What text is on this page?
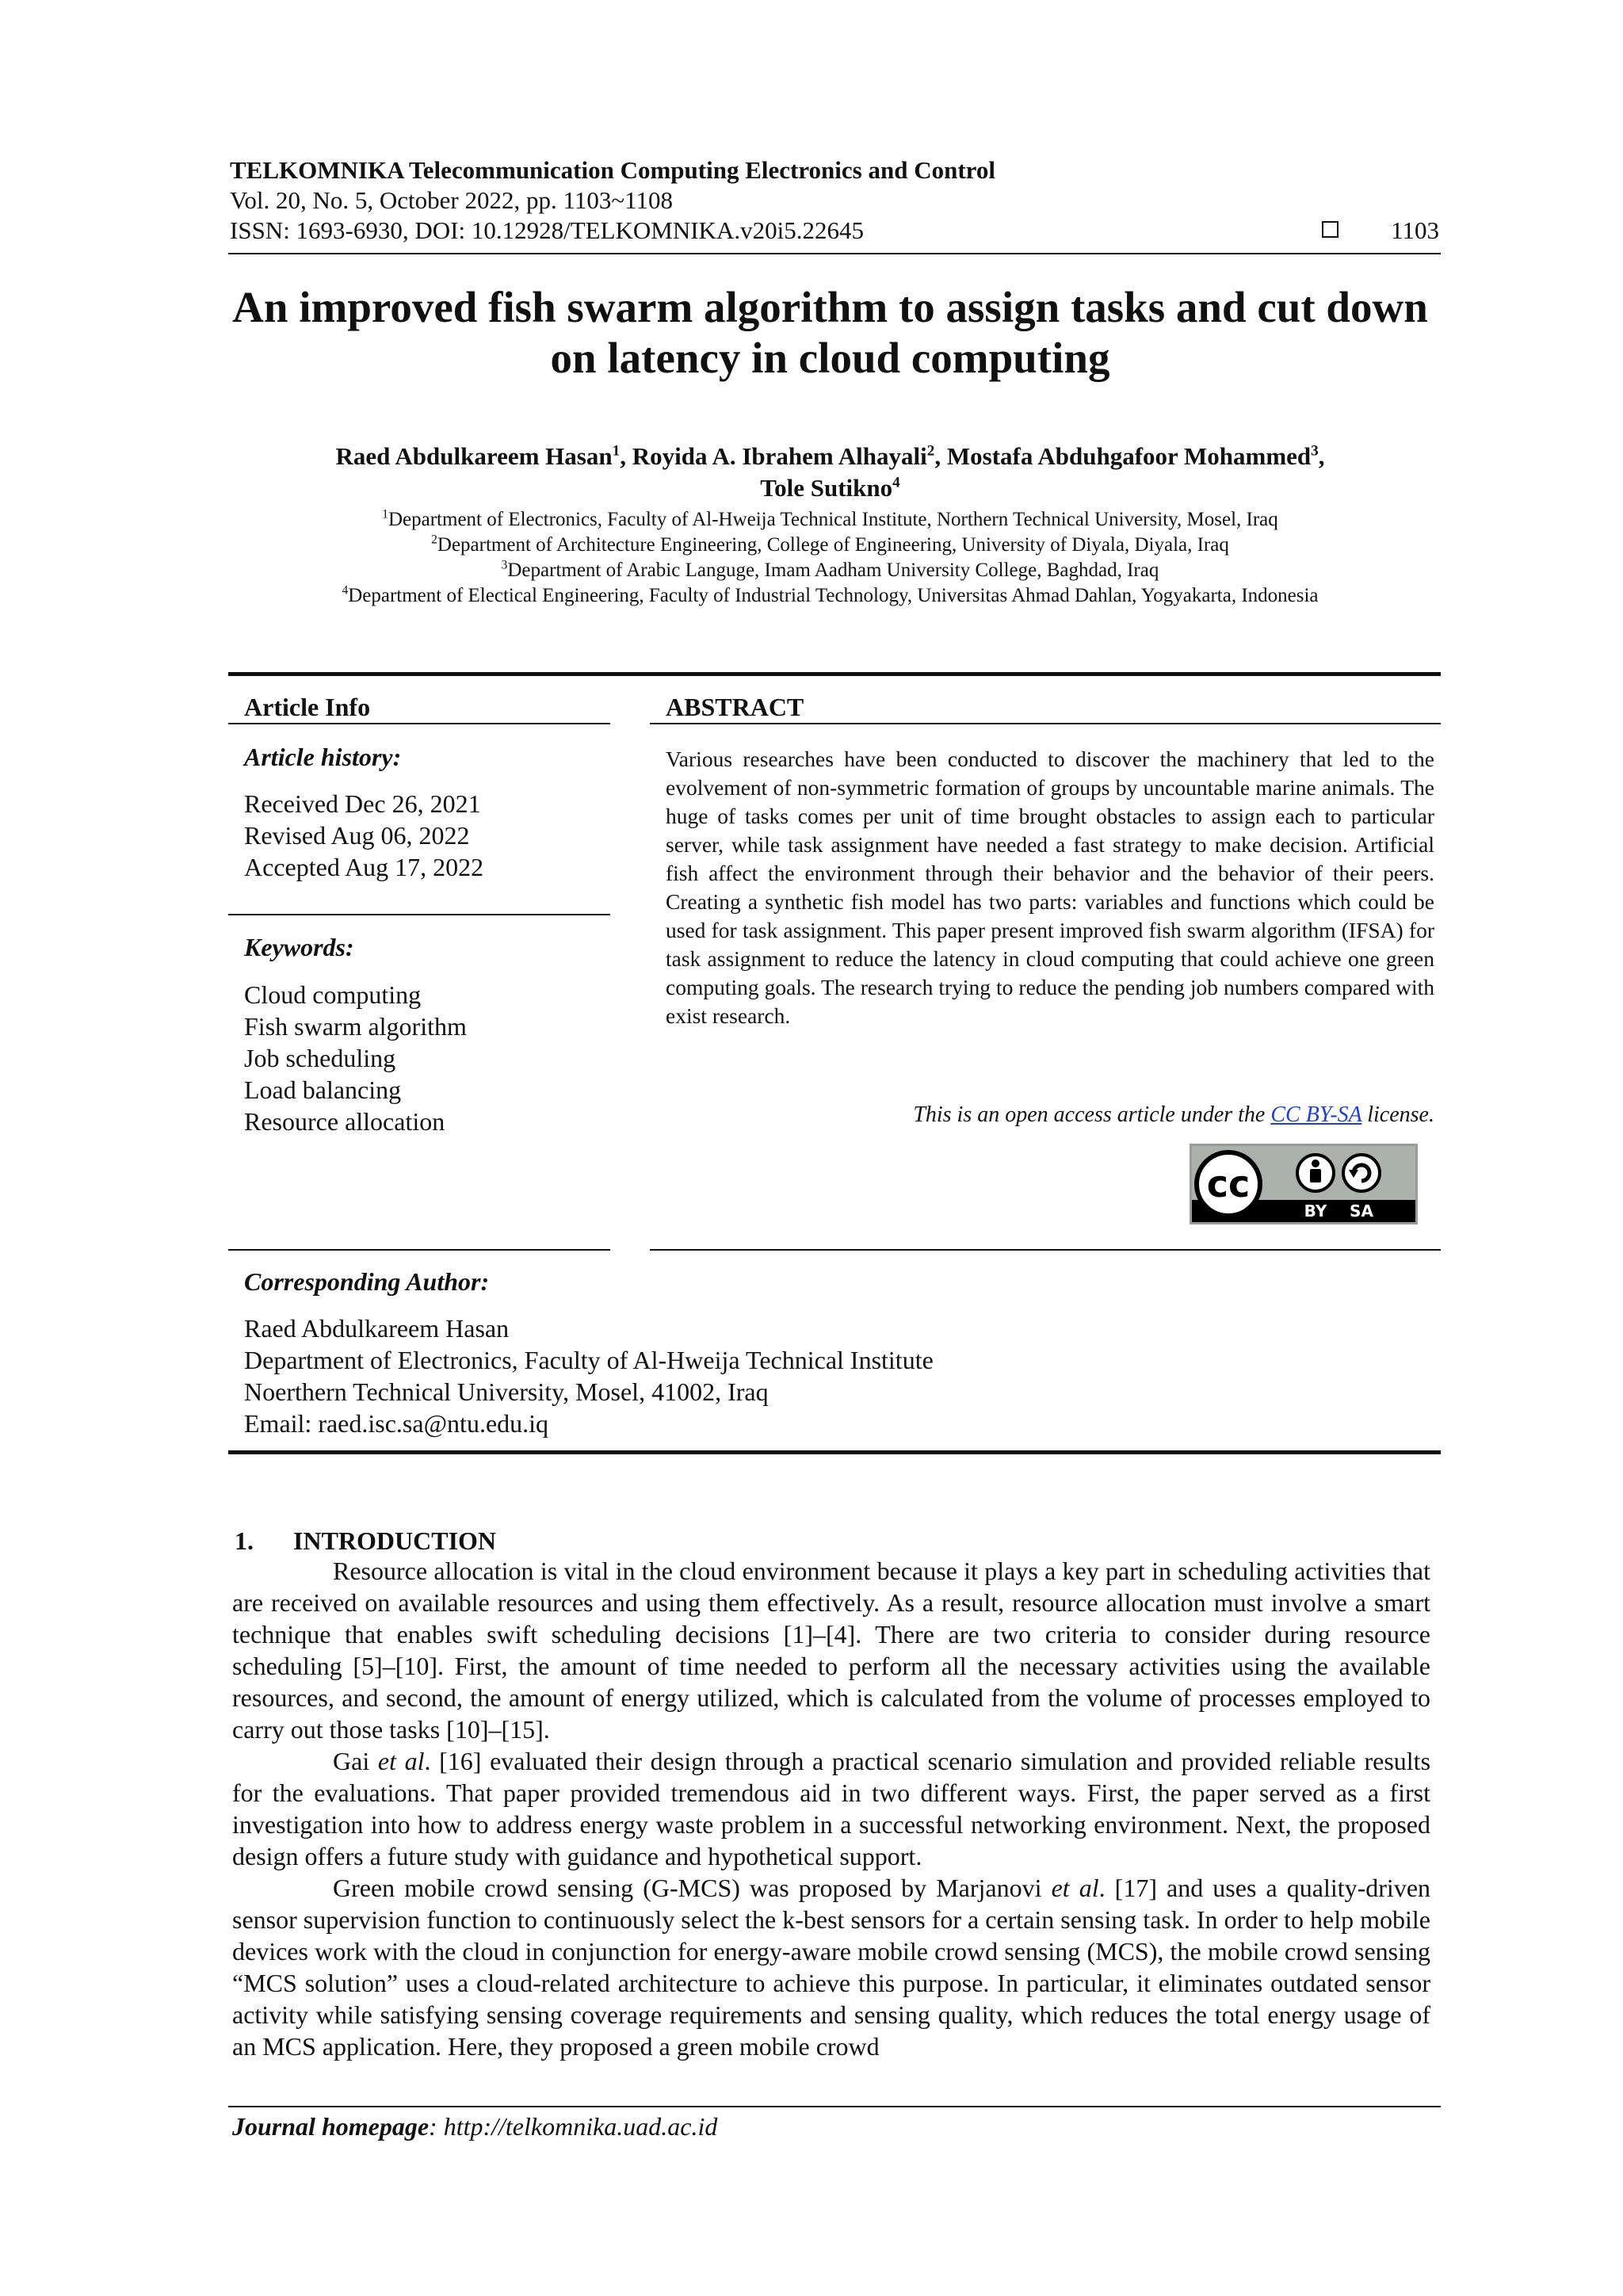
TELKOMNIKA Telecommunication Computing Electronics and Control
Vol. 20, No. 5, October 2022, pp. 1103~1108
ISSN: 1693-6930, DOI: 10.12928/TELKOMNIKA.v20i5.22645	1103
An improved fish swarm algorithm to assign tasks and cut down
on latency in cloud computing
Raed Abdulkareem Hasan$^1$, Royida A. Ibrahem Alhayali$^2$, Mostafa Abduhgafoor Mohammed$^3$,
Tole Sutikno$^4$
$^1$Department of Electronics, Faculty of Al-Hweija Technical Institute, Northern Technical University, Mosel, Iraq
$^2$Department of Architecture Engineering, College of Engineering, University of Diyala, Diyala, Iraq
$^3$Department of Arabic Languge, Imam Aadham University College, Baghdad, Iraq
$^4$Department of Electical Engineering, Faculty of Industrial Technology, Universitas Ahmad Dahlan, Yogyakarta, Indonesia
Article Info
Article history:
Received Dec 26, 2021
Revised Aug 06, 2022
Accepted Aug 17, 2022
Keywords:
Cloud computing
Fish swarm algorithm
Job scheduling
Load balancing
Resource allocation
ABSTRACT
Various researches have been conducted to discover the machinery that led to the evolvement of non-symmetric formation of groups by uncountable marine animals. The huge of tasks comes per unit of time brought obstacles to assign each to particular server, while task assignment have needed a fast strategy to make decision. Artificial fish affect the environment through their behavior and the behavior of their peers. Creating a synthetic fish model has two parts: variables and functions which could be used for task assignment. This paper present improved fish swarm algorithm (IFSA) for task assignment to reduce the latency in cloud computing that could achieve one green computing goals. The research trying to reduce the pending job numbers compared with exist research.
This is an open access article under the CC BY-SA license.
cc
BY SA
Corresponding Author:
Raed Abdulkareem Hasan
Department of Electronics, Faculty of Al-Hweija Technical Institute
Noerthern Technical University, Mosel, 41002, Iraq
Email: raed.isc.sa@ntu.edu.iq
1. INTRODUCTION

Resource allocation is vital in the cloud environment because it plays a key part in scheduling activities that are received on available resources and using them effectively. As a result, resource allocation must involve a smart technique that enables swift scheduling decisions [1]–[4]. There are two criteria to consider during resource scheduling [5]–[10]. First, the amount of time needed to perform all the necessary activities using the available resources, and second, the amount of energy utilized, which is calculated from the volume of processes employed to carry out those tasks [10]–[15].

Gai et al. [16] evaluated their design through a practical scenario simulation and provided reliable results for the evaluations. That paper provided tremendous aid in two different ways. First, the paper served as a first investigation into how to address energy waste problem in a successful networking environment. Next, the proposed design offers a future study with guidance and hypothetical support.

Green mobile crowd sensing (G-MCS) was proposed by Marjanovi et al. [17] and uses a quality-driven sensor supervision function to continuously select the k-best sensors for a certain sensing task. In order to help mobile devices work with the cloud in conjunction for energy-aware mobile crowd sensing (MCS), the mobile crowd sensing “MCS solution” uses a cloud-related architecture to achieve this purpose. In particular, it eliminates outdated sensor activity while satisfying sensing coverage requirements and sensing quality, which reduces the total energy usage of an MCS application. Here, they proposed a green mobile crowd

Journal homepage: http://telkomnika.uad.ac.id
